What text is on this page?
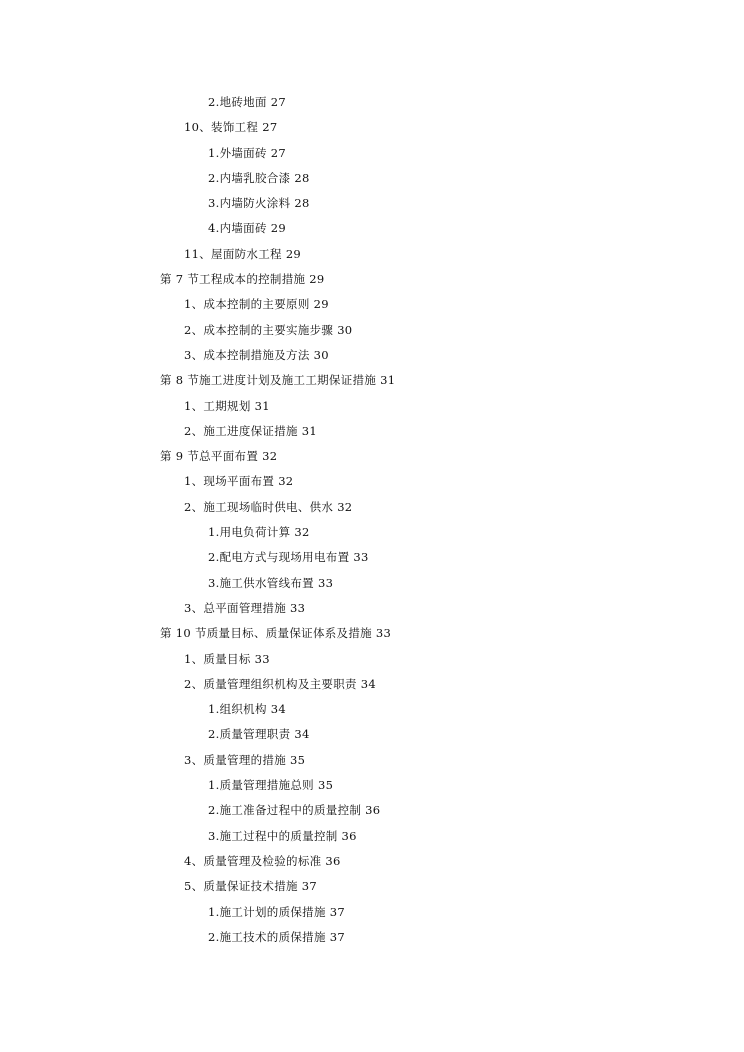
2.地砖地面 27
10、装饰工程 27
1.外墙面砖 27
2.内墙乳胶合漆 28
3.内墙防火涂料 28
4.内墙面砖 29
11、屋面防水工程 29
第 7 节工程成本的控制措施 29
1、成本控制的主要原则 29
2、成本控制的主要实施步骤 30
3、成本控制措施及方法 30
第 8 节施工进度计划及施工工期保证措施 31
1、工期规划 31
2、施工进度保证措施 31
第 9 节总平面布置 32
1、现场平面布置 32
2、施工现场临时供电、供水 32
1.用电负荷计算 32
2.配电方式与现场用电布置 33
3.施工供水管线布置 33
3、总平面管理措施 33
第 10 节质量目标、质量保证体系及措施 33
1、质量目标 33
2、质量管理组织机构及主要职责 34
1.组织机构 34
2.质量管理职责 34
3、质量管理的措施 35
1.质量管理措施总则 35
2.施工准备过程中的质量控制 36
3.施工过程中的质量控制 36
4、质量管理及检验的标准 36
5、质量保证技术措施 37
1.施工计划的质保措施 37
2.施工技术的质保措施 37
